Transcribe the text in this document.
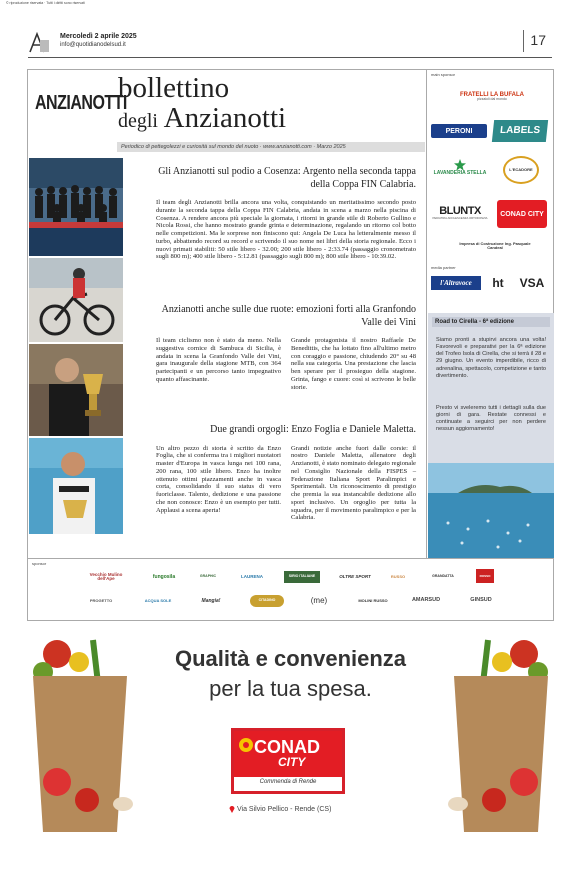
© riproduzione riservata · Tutti i diritti sono riservati
Mercoledì 2 aprile 2025
info@quotidianodelsud.it	17
ANZIANOTTI
bollettino
degli Anzianotti
Periodico di pettegolezzi e curiosità sul mondo del nuoto · www.anzianotti.com · Marzo 2025
Gli Anzianotti sul podio a Cosenza: Argento nella seconda tappa della Coppa FIN Calabria.

Il team degli Anzianotti brilla ancora una volta, conquistando un meritatissimo secondo posto durante la seconda tappa della Coppa FIN Calabria, andata in scena a marzo nella piscina di Cosenza. A rendere ancora più speciale la giornata, i ritorni in grande stile di Roberto Gullino e Nicola Rossi, che hanno mostrato grande grinta e determinazione, regalando un ritorno col botto nelle competizioni. Ma le sorprese non finiscono qui: Angela De Luca ha letteralmente messo il turbo, abbattendo record su record e scrivendo il suo nome nei libri della storia regionale. Ecco i nuovi primati stabiliti: 50 stile libero - 32.00; 200 stile libero - 2:33.74 (passaggio cronometrato sugli 800 m); 400 stile libero - 5:12.81 (passaggio sugli 800 m); 800 stile libero - 10:39.02.

Anzianotti anche sulle due ruote: emozioni forti alla Granfondo Valle dei Vini

Il team ciclismo non è stato da meno. Nella suggestiva cornice di Sambuca di Sicilia, è andata in scena la Granfondo Valle dei Vini, gara inaugurale della stagione MTB, con 364 partecipanti e un percorso tanto impegnativo quanto affascinante.

Grande protagonista il nostro Raffaele De Benedittis, che ha lottato fino all'ultimo metro con coraggio e passione, chiudendo 20° su 48 nella sua categoria. Una prestazione che lascia ben sperare per il prosieguo della stagione. Grinta, fango e cuore: così si scrivono le belle storie.

Due grandi orgogli: Enzo Foglia e Daniele Maletta.

Un altro pezzo di storia è scritto da Enzo Foglia, che si conferma tra i migliori nuotatori master d'Europa in vasca lunga nei 100 rana, 200 rana, 100 stile libero. Enzo ha inoltre ottenuto ottimi piazzamenti anche in vasca corta, consolidando il suo status di vero fuoriclasse. Talento, dedizione e una passione che non conosce: Enzo è un esempio per tutti. Applausi a scena aperta!

Grandi notizie anche fuori dalle corsie: il nostro Daniele Maletta, allenatore degli Anzianotti, è stato nominato delegato regionale nel Consiglio Nazionale della FISPES – Federazione Italiana Sport Paralimpici e Sperimentali. Un riconoscimento di prestigio che premia la sua instancabile dedizione allo sport inclusivo. Un orgoglio per tutta la squadra, per il movimento paralimpico e per la Calabria.

main sponsor
FRATELLI LA BUFALA
pizzaioli dal mondo
PERONI	LABELS
LAVANDERIA STELLA	L'ECADORE
BLUNTX
PEDIATRIA ADOLESCENZA ORTODONZIA
CONAD CITY
Impresa di Costruzione Ing. Pasquale Candeal
media partner
l'Altravoce	ht	VSA
Road to Cirella - 6ª edizione
Siamo pronti a stupirvi ancora una volta! Favorevoli e preparativi per la 6ª edizione del Trofeo Isola di Cirella, che si terrà il 28 e 29 giugno. Un evento imperdibile, ricco di adrenalina, spettacolo, competizione e tanto divertimento.
Presto vi sveleremo tutti i dettagli sulla due giorni di gara. Restate connessi e continuate a seguirci per non perdere nessun aggiornamento!
sponsor
Vecchio Mulino dell'Ape	fungosila	GRAPHIC	LAURENA	SIRIO ITALIANE	OLTRE SPORT	RUSSO	GRANDATTA	ROSSO
PROGETTO	ACQUA SOLE	Mangia!	CITADINO	(me)	MOLINI RUSSO	AMARSUD	GINSUD
Qualità e convenienza
per la tua spesa.
CONAD
CITY
Commenda di Rende
Via Silvio Pellico - Rende (CS)
